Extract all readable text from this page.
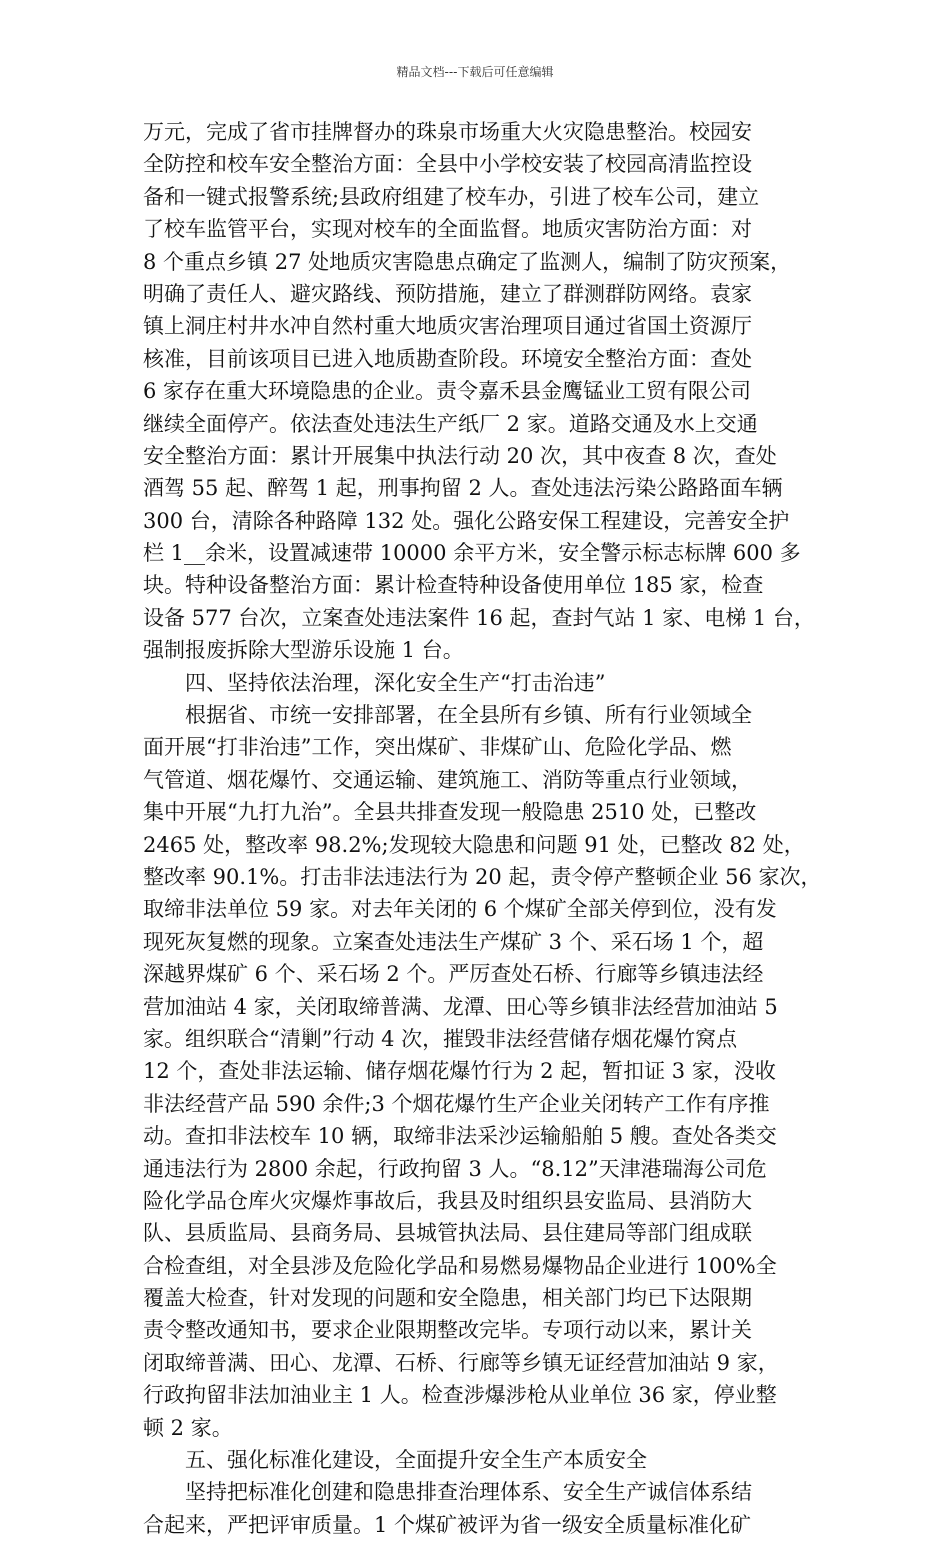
精品文档---下载后可任意编辑
万元，完成了省市挂牌督办的珠泉市场重大火灾隐患整治。校园安
全防控和校车安全整治方面：全县中小学校安装了校园高清监控设
备和一键式报警系统;县政府组建了校车办，引进了校车公司，建立
了校车监管平台，实现对校车的全面监督。地质灾害防治方面：对
8 个重点乡镇 27 处地质灾害隐患点确定了监测人，编制了防灾预案，
明确了责任人、避灾路线、预防措施，建立了群测群防网络。袁家
镇上洞庄村井水冲自然村重大地质灾害治理项目通过省国土资源厅
核准，目前该项目已进入地质勘查阶段。环境安全整治方面：查处
6 家存在重大环境隐患的企业。责令嘉禾县金鹰锰业工贸有限公司
继续全面停产。依法查处违法生产纸厂 2 家。道路交通及水上交通
安全整治方面：累计开展集中执法行动 20 次，其中夜查 8 次，查处
酒驾 55 起、醉驾 1 起，刑事拘留 2 人。查处违法污染公路路面车辆
300 台，清除各种路障 132 处。强化公路安保工程建设，完善安全护
栏 1__余米，设置减速带 10000 余平方米，安全警示标志标牌 600 多
块。特种设备整治方面：累计检查特种设备使用单位 185 家，检查
设备 577 台次，立案查处违法案件 16 起，查封气站 1 家、电梯 1 台，
强制报废拆除大型游乐设施 1 台。
四、坚持依法治理，深化安全生产“打击治违”
根据省、市统一安排部署，在全县所有乡镇、所有行业领域全
面开展“打非治违”工作，突出煤矿、非煤矿山、危险化学品、燃
气管道、烟花爆竹、交通运输、建筑施工、消防等重点行业领域，
集中开展“九打九治”。全县共排查发现一般隐患 2510 处，已整改
2465 处，整改率 98.2%;发现较大隐患和问题 91 处，已整改 82 处，
整改率 90.1%。打击非法违法行为 20 起，责令停产整顿企业 56 家次，
取缔非法单位 59 家。对去年关闭的 6 个煤矿全部关停到位，没有发
现死灰复燃的现象。立案查处违法生产煤矿 3 个、采石场 1 个，超
深越界煤矿 6 个、采石场 2 个。严厉查处石桥、行廊等乡镇违法经
营加油站 4 家，关闭取缔普满、龙潭、田心等乡镇非法经营加油站 5
家。组织联合“清剿”行动 4 次，摧毁非法经营储存烟花爆竹窝点
12 个，查处非法运输、储存烟花爆竹行为 2 起，暂扣证 3 家，没收
非法经营产品 590 余件;3 个烟花爆竹生产企业关闭转产工作有序推
动。查扣非法校车 10 辆，取缔非法采沙运输船舶 5 艘。查处各类交
通违法行为 2800 余起，行政拘留 3 人。“8.12”天津港瑞海公司危
险化学品仓库火灾爆炸事故后，我县及时组织县安监局、县消防大
队、县质监局、县商务局、县城管执法局、县住建局等部门组成联
合检查组，对全县涉及危险化学品和易燃易爆物品企业进行 100%全
覆盖大检查，针对发现的问题和安全隐患，相关部门均已下达限期
责令整改通知书，要求企业限期整改完毕。专项行动以来，累计关
闭取缔普满、田心、龙潭、石桥、行廊等乡镇无证经营加油站 9 家，
行政拘留非法加油业主 1 人。检查涉爆涉枪从业单位 36 家，停业整
顿 2 家。
五、强化标准化建设，全面提升安全生产本质安全
坚持把标准化创建和隐患排查治理体系、安全生产诚信体系结
合起来，严把评审质量。1 个煤矿被评为省一级安全质量标准化矿
